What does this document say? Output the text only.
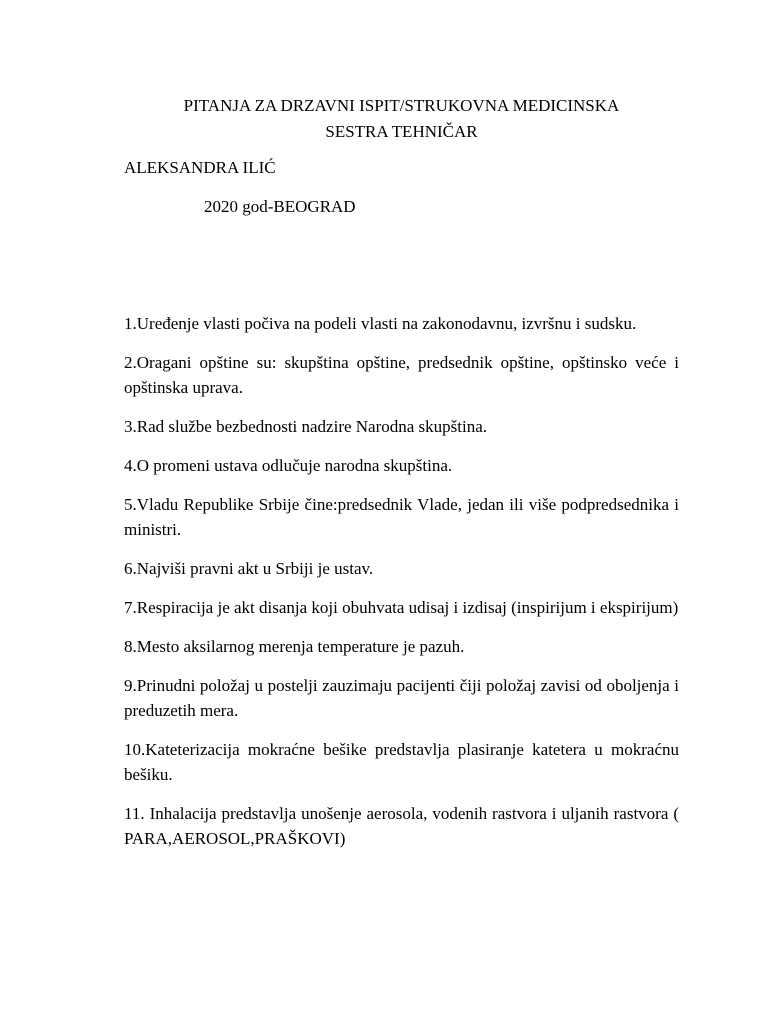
PITANJA ZA DRZAVNI ISPIT/STRUKOVNA MEDICINSKA
SESTRA TEHNIČAR
ALEKSANDRA ILIĆ
2020 god-BEOGRAD
1.Uređenje vlasti počiva na podeli vlasti na zakonodavnu, izvršnu i sudsku.
2.Oragani opštine su: skupština opštine, predsednik opštine, opštinsko veće i opštinska uprava.
3.Rad službe bezbednosti nadzire Narodna skupština.
4.O promeni ustava odlučuje narodna skupština.
5.Vladu Republike Srbije čine:predsednik Vlade, jedan ili više podpredsednika i ministri.
6.Najviši pravni akt u Srbiji je ustav.
7.Respiracija je akt disanja koji obuhvata udisaj i izdisaj (inspirijum i ekspirijum)
8.Mesto aksilarnog merenja temperature je pazuh.
9.Prinudni položaj u postelji zauzimaju pacijenti čiji položaj zavisi od oboljenja i preduzetih mera.
10.Kateterizacija mokraćne bešike predstavlja plasiranje katetera u mokraćnu bešiku.
11. Inhalacija predstavlja unošenje aerosola, vodenih rastvora i uljanih rastvora ( PARA,AEROSOL,PRAŠKOVI)
